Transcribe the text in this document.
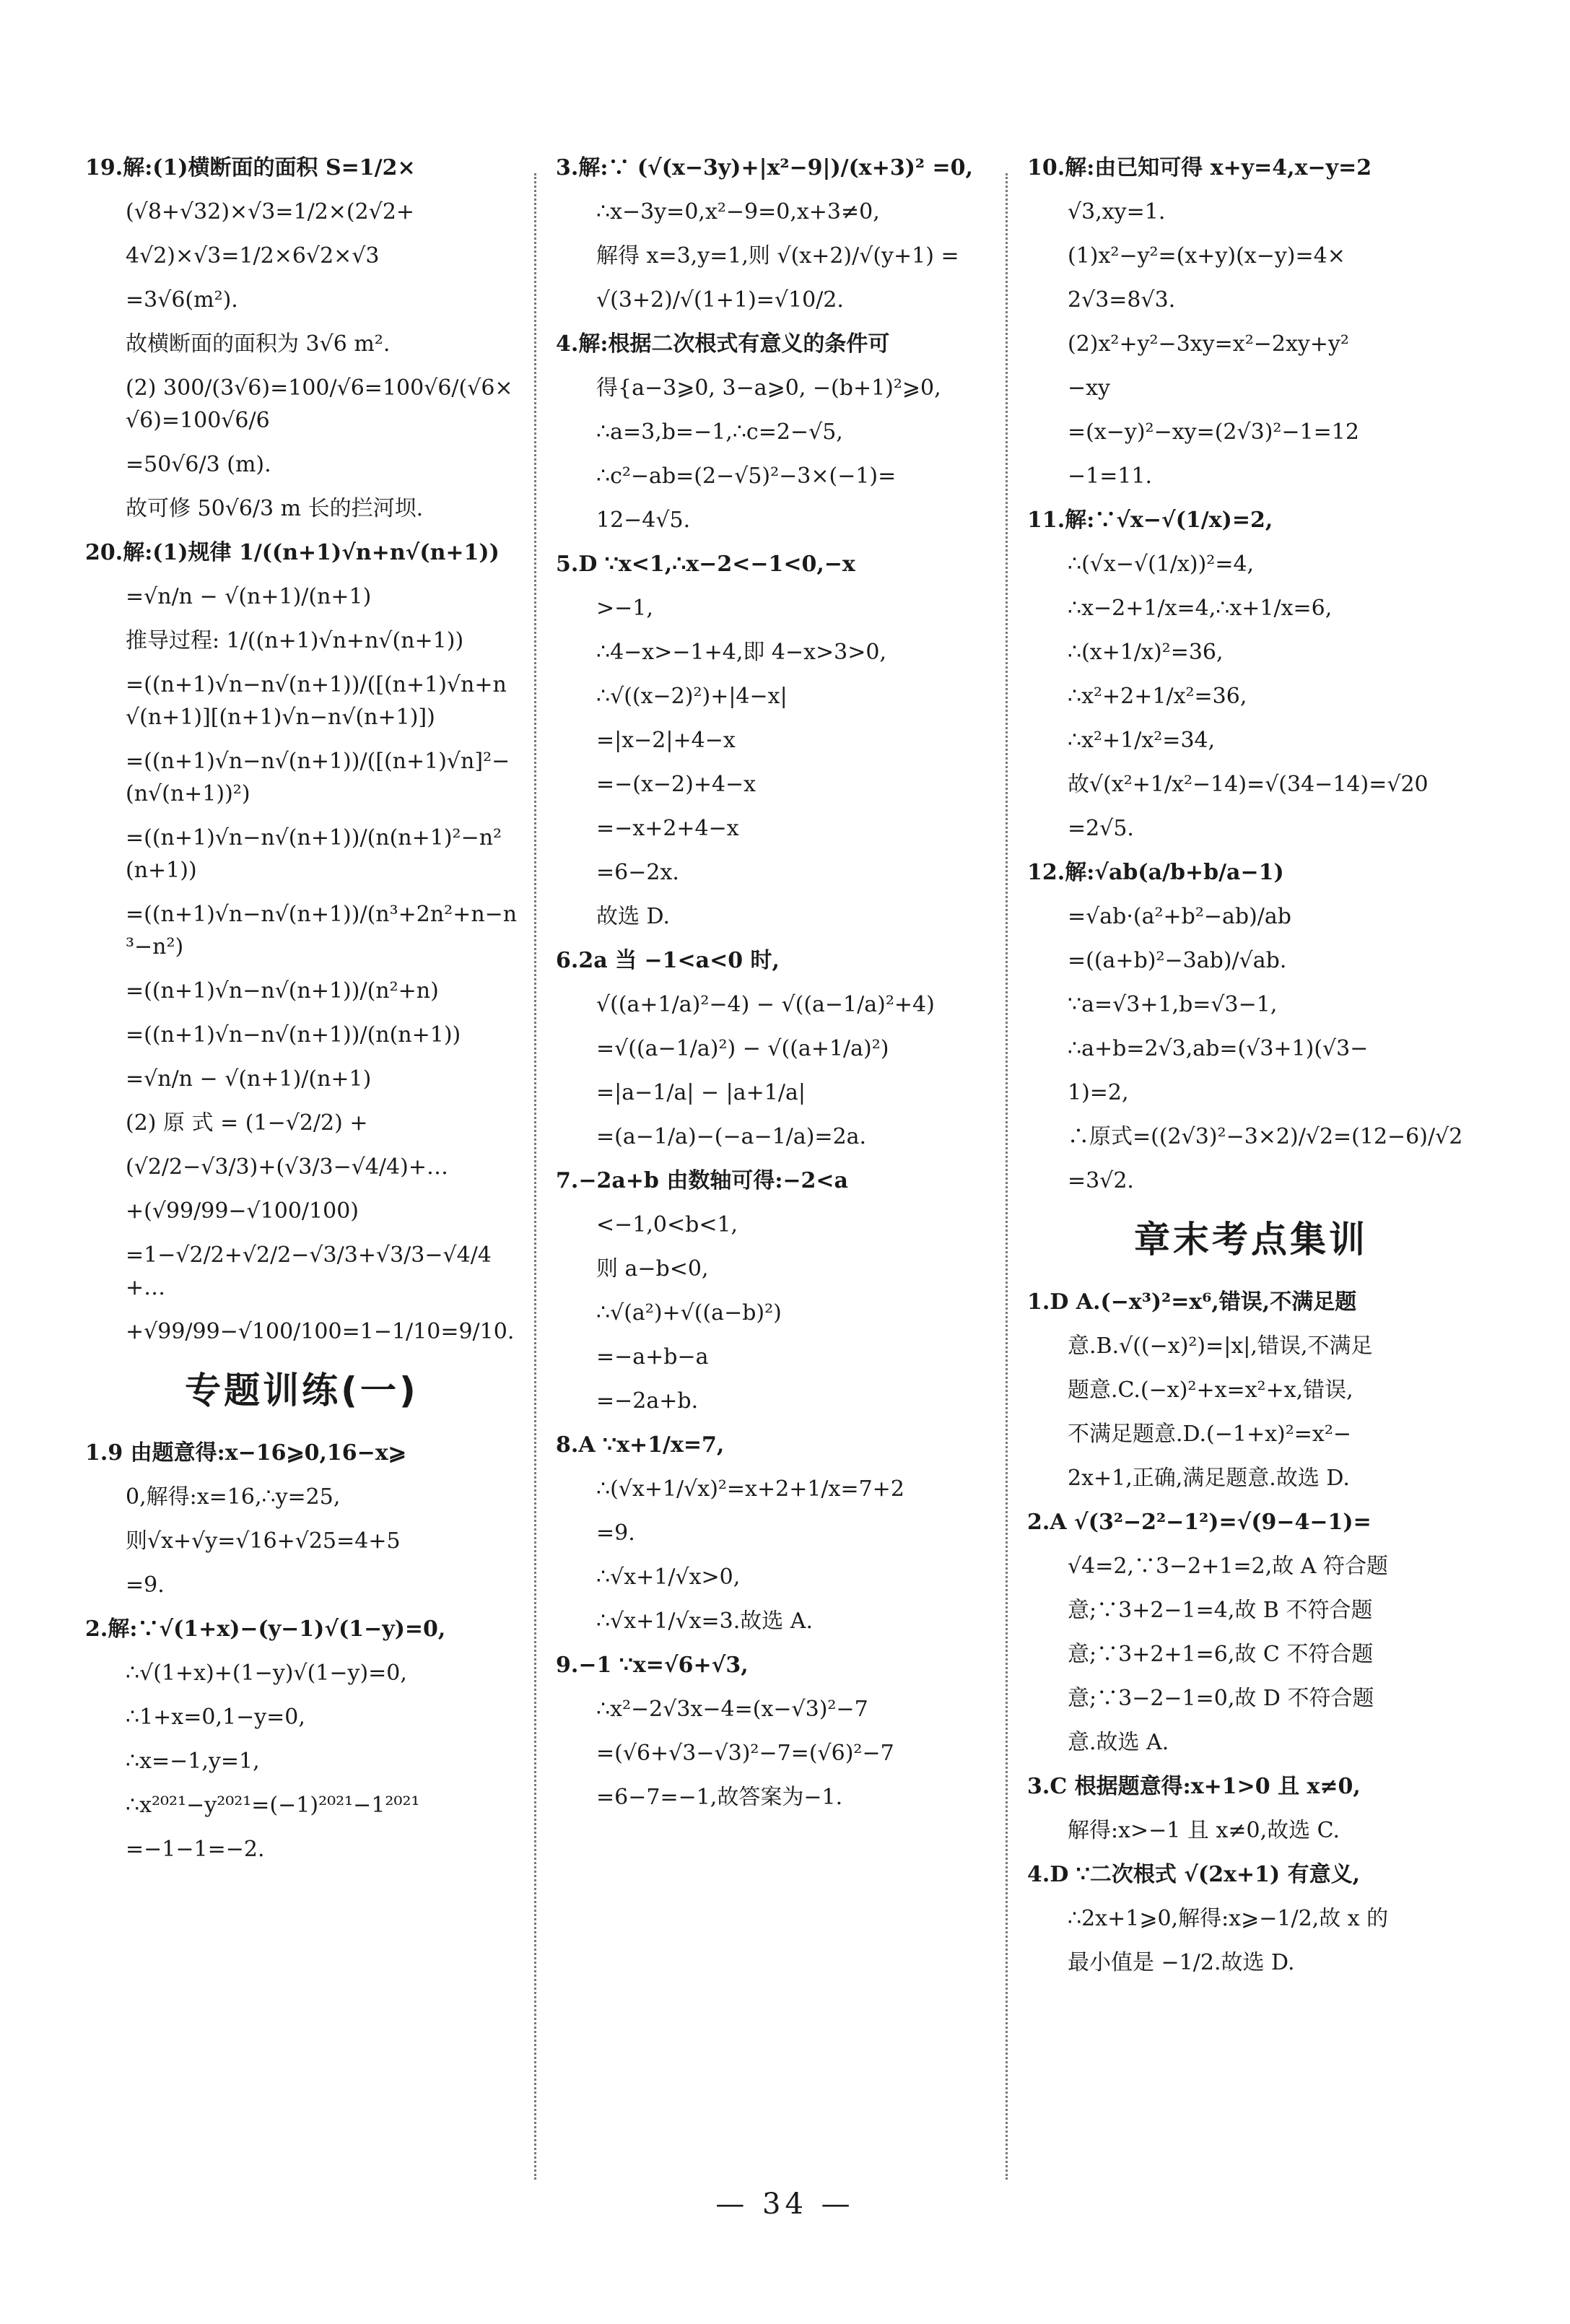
19.解:(1)横断面的面积 S=1/2×
(√8+√32)×√3=1/2×(2√2+
4√2)×√3=1/2×6√2×√3
=3√6(m²).
故横断面的面积为 3√6 m².
(2) 300/(3√6)=100/√6=100√6/(√6×√6)=100√6/6
=50√6/3 (m).
故可修 50√6/3 m 长的拦河坝.
20.解:(1)规律 1/((n+1)√n+n√(n+1))
=√n/n − √(n+1)/(n+1)
推导过程: 1/((n+1)√n+n√(n+1))
=((n+1)√n−n√(n+1))/([(n+1)√n+n√(n+1)][(n+1)√n−n√(n+1)])
=((n+1)√n−n√(n+1))/([(n+1)√n]²−(n√(n+1))²)
=((n+1)√n−n√(n+1))/(n(n+1)²−n²(n+1))
=((n+1)√n−n√(n+1))/(n³+2n²+n−n³−n²)
=((n+1)√n−n√(n+1))/(n²+n)
=((n+1)√n−n√(n+1))/(n(n+1))
=√n/n − √(n+1)/(n+1)
(2) 原 式 = (1−√2/2) +
(√2/2−√3/3)+(√3/3−√4/4)+…
+(√99/99−√100/100)
=1−√2/2+√2/2−√3/3+√3/3−√4/4+…
+√99/99−√100/100=1−1/10=9/10.
专题训练(一)
1.9 由题意得:x−16⩾0,16−x⩾
0,解得:x=16,∴y=25,
则√x+√y=√16+√25=4+5
=9.
2.解:∵√(1+x)−(y−1)√(1−y)=0,
∴√(1+x)+(1−y)√(1−y)=0,
∴1+x=0,1−y=0,
∴x=−1,y=1,
∴x²⁰²¹−y²⁰²¹=(−1)²⁰²¹−1²⁰²¹
=−1−1=−2.
3.解:∵ (√(x−3y)+|x²−9|)/(x+3)² =0,
∴x−3y=0,x²−9=0,x+3≠0,
解得 x=3,y=1,则 √(x+2)/√(y+1) =
√(3+2)/√(1+1)=√10/2.
4.解:根据二次根式有意义的条件可
得{a−3⩾0, 3−a⩾0, −(b+1)²⩾0,
∴a=3,b=−1,∴c=2−√5,
∴c²−ab=(2−√5)²−3×(−1)=
12−4√5.
5.D ∵x<1,∴x−2<−1<0,−x
>−1,
∴4−x>−1+4,即 4−x>3>0,
∴√((x−2)²)+|4−x|
=|x−2|+4−x
=−(x−2)+4−x
=−x+2+4−x
=6−2x.
故选 D.
6.2a 当 −1<a<0 时,
√((a+1/a)²−4) − √((a−1/a)²+4)
=√((a−1/a)²) − √((a+1/a)²)
=|a−1/a| − |a+1/a|
=(a−1/a)−(−a−1/a)=2a.
7.−2a+b 由数轴可得:−2<a
<−1,0<b<1,
则 a−b<0,
∴√(a²)+√((a−b)²)
=−a+b−a
=−2a+b.
8.A ∵x+1/x=7,
∴(√x+1/√x)²=x+2+1/x=7+2
=9.
∴√x+1/√x>0,
∴√x+1/√x=3.故选 A.
9.−1 ∵x=√6+√3,
∴x²−2√3x−4=(x−√3)²−7
=(√6+√3−√3)²−7=(√6)²−7
=6−7=−1,故答案为−1.
10.解:由已知可得 x+y=4,x−y=2
√3,xy=1.
(1)x²−y²=(x+y)(x−y)=4×
2√3=8√3.
(2)x²+y²−3xy=x²−2xy+y²
−xy
=(x−y)²−xy=(2√3)²−1=12
−1=11.
11.解:∵√x−√(1/x)=2,
∴(√x−√(1/x))²=4,
∴x−2+1/x=4,∴x+1/x=6,
∴(x+1/x)²=36,
∴x²+2+1/x²=36,
∴x²+1/x²=34,
故√(x²+1/x²−14)=√(34−14)=√20
=2√5.
12.解:√ab(a/b+b/a−1)
=√ab·(a²+b²−ab)/ab
=((a+b)²−3ab)/√ab.
∵a=√3+1,b=√3−1,
∴a+b=2√3,ab=(√3+1)(√3−
1)=2,
∴原式=((2√3)²−3×2)/√2=(12−6)/√2
=3√2.
章末考点集训
1.D A.(−x³)²=x⁶,错误,不满足题
意.B.√((−x)²)=|x|,错误,不满足
题意.C.(−x)²+x=x²+x,错误,
不满足题意.D.(−1+x)²=x²−
2x+1,正确,满足题意.故选 D.
2.A √(3²−2²−1²)=√(9−4−1)=
√4=2,∵3−2+1=2,故 A 符合题
意;∵3+2−1=4,故 B 不符合题
意;∵3+2+1=6,故 C 不符合题
意;∵3−2−1=0,故 D 不符合题
意.故选 A.
3.C 根据题意得:x+1>0 且 x≠0,
解得:x>−1 且 x≠0,故选 C.
4.D ∵二次根式 √(2x+1) 有意义,
∴2x+1⩾0,解得:x⩾−1/2,故 x 的
最小值是 −1/2.故选 D.
— 34 —
